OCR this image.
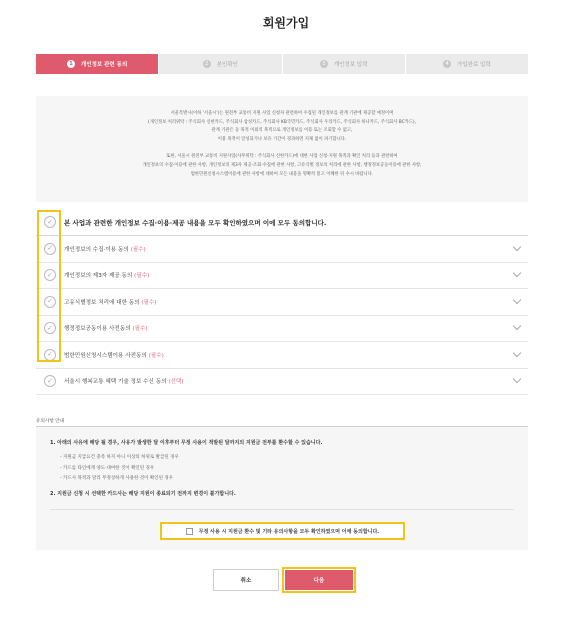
회원가입
1	개인정보 관련 동의	2	본인확인	3	개인정보 입력	4	가입완료 입력

서울특별시(이하 '서울시')는 원전부 교통비 지원 사업 신청자 관련하여 수집된 개인정보를 관계 기관에 제공할 예정이며

(개인정보 처리위탁 : 주식회사 신한카드, 주식회사 삼성카드, 주식회사 KB국민카드, 주식회사 우리카드, 주식회사 하나카드, 주식회사 BC카드),

관계 기관은 동 목적 이외의 목적으로 개인정보를 이용 또는 조회할 수 없고,

이용 목적이 달성되거나 보유 기간이 경과하면 지체 없이 파기합니다.

또한, 서울시 원전부 교통비 지원사업(사무위탁 : 주식회사 신한카드)에 대한 사업 신청·지원 목적과 확인 처리 등과 관련하여

개인정보의 수집·이용에 관한 사항, 개인정보의 제3자 제공·조회·수집에 관한 사항, 고유식별 정보의 처리에 관한 사항, 행정정보공동이용에 관한 사항,

범한민원신청시스템이용에 관한 사항에 대하여 모든 내용을 명확히 읽고 이해한 뒤 수시 바랍니다.

✓	본 사업과 관련한 개인정보 수집·이용·제공 내용을 모두 확인하였으며 이에 모두 동의합니다.
✓	개인정보의 수집·이용 동의 (필수)
✓	개인정보의 제3자 제공 동의 (필수)
✓	고유식별정보 처리에 대한 동의 (필수)
✓	행정정보공동이용 사전동의 (필수)
✓	범한민원신청시스템이용 사전동의 (필수)
✓	서울시 행복교통 혜택 기술 정보 수신 동의 (선택)
유의사항 안내
1. 아래의 사유에 해당 될 경우, 사유가 발생한 달 이후부터 무정 사용이 적발된 달까지의 지원금 전부를 환수할 수 있습니다.
- 지원금 지급요건 충족 하지 아니 이상의 허위로 발급된 경우
- 카드를 타인에게 양도·대여한 것이 확인된 경우
- 카드사 목적과 달리 무정상하게 사용한 것이 확인된 경우
2. 지원금 신청 시 선택한 카드사는 해당 지원이 종료되기 전까지 변경이 불가합니다.
무정 사용 시 지원금 환수 및 기타 유의사항을 모두 확인하였으며 이에 동의합니다.
취소	다음
